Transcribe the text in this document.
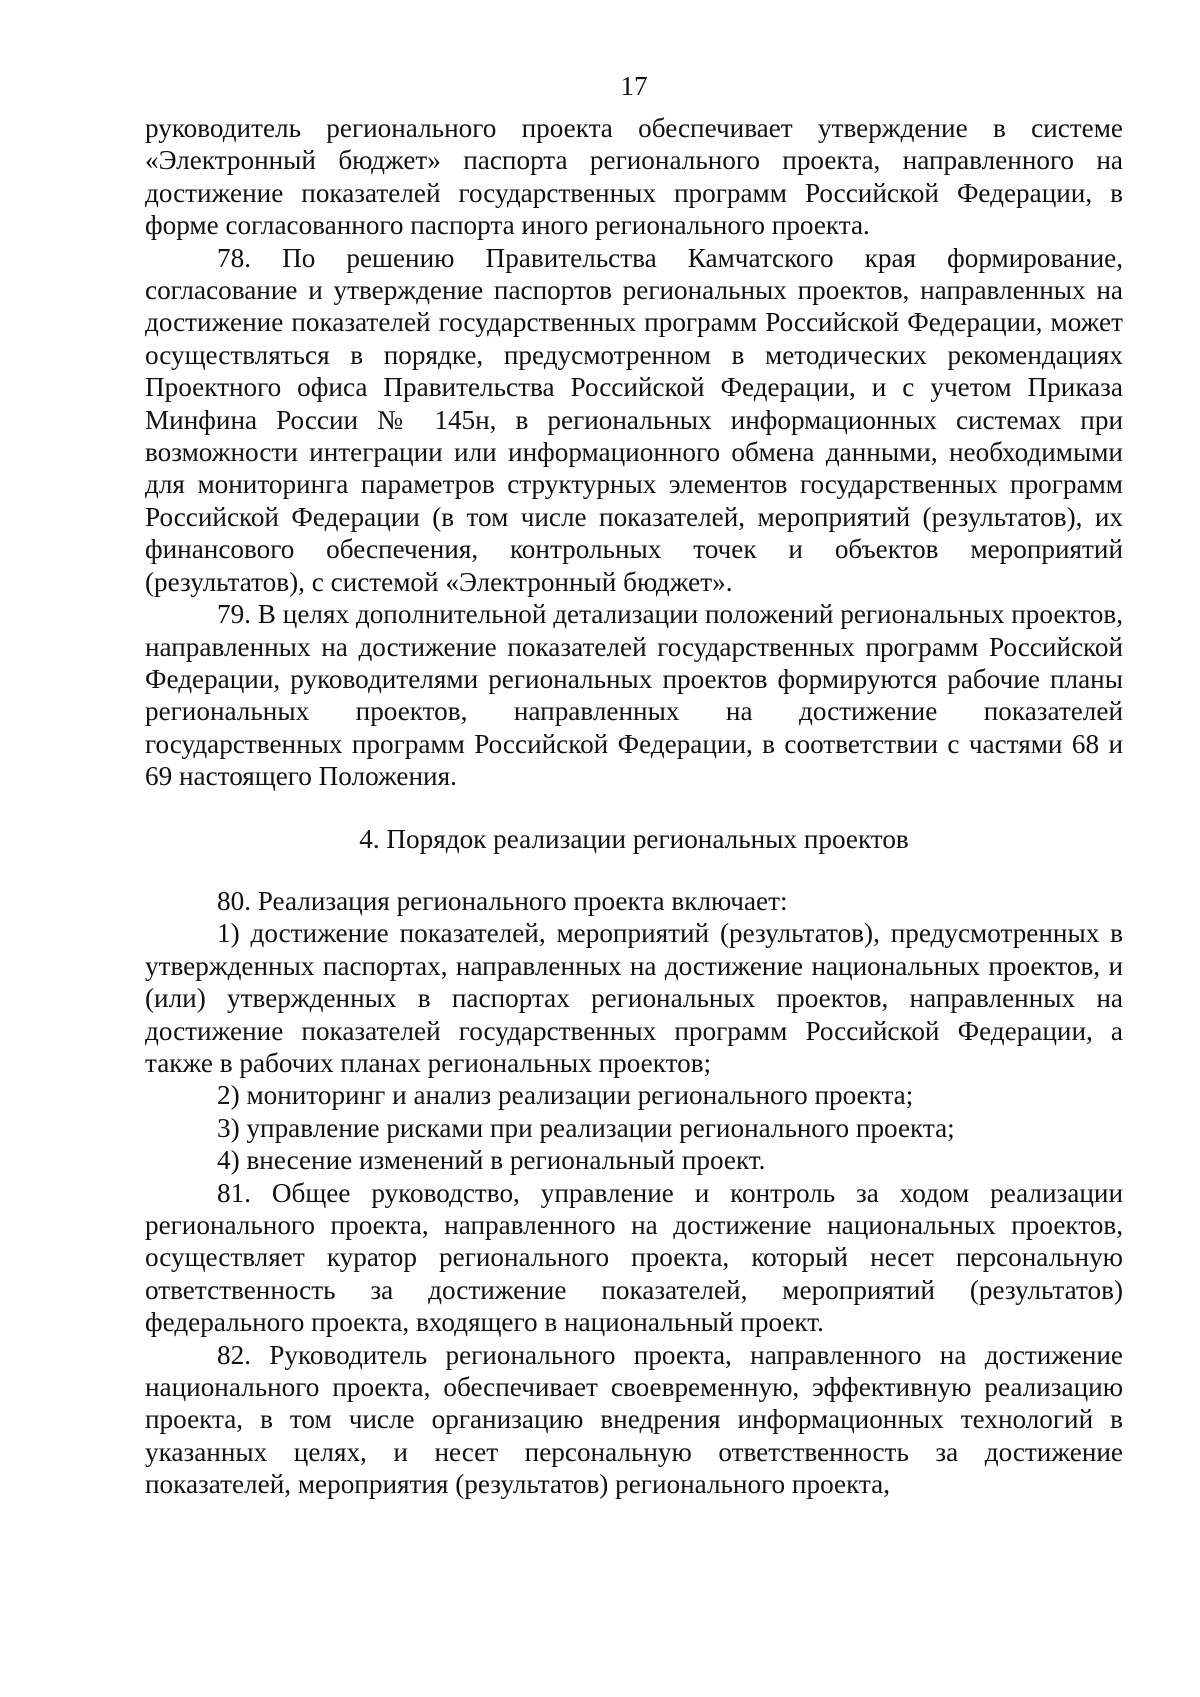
17

руководитель регионального проекта обеспечивает утверждение в системе «Электронный бюджет» паспорта регионального проекта, направленного на достижение показателей государственных программ Российской Федерации, в форме согласованного паспорта иного регионального проекта.

78. По решению Правительства Камчатского края формирование, согласование и утверждение паспортов региональных проектов, направленных на достижение показателей государственных программ Российской Федерации, может осуществляться в порядке, предусмотренном в методических рекомендациях Проектного офиса Правительства Российской Федерации, и с учетом Приказа Минфина России № 145н, в региональных информационных системах при возможности интеграции или информационного обмена данными, необходимыми для мониторинга параметров структурных элементов государственных программ Российской Федерации (в том числе показателей, мероприятий (результатов), их финансового обеспечения, контрольных точек и объектов мероприятий (результатов), с системой «Электронный бюджет».

79. В целях дополнительной детализации положений региональных проектов, направленных на достижение показателей государственных программ Российской Федерации, руководителями региональных проектов формируются рабочие планы региональных проектов, направленных на достижение показателей государственных программ Российской Федерации, в соответствии с частями 68 и 69 настоящего Положения.

4. Порядок реализации региональных проектов

80. Реализация регионального проекта включает:

1) достижение показателей, мероприятий (результатов), предусмотренных в утвержденных паспортах, направленных на достижение национальных проектов, и (или) утвержденных в паспортах региональных проектов, направленных на достижение показателей государственных программ Российской Федерации, а также в рабочих планах региональных проектов;

2) мониторинг и анализ реализации регионального проекта;

3) управление рисками при реализации регионального проекта;

4) внесение изменений в региональный проект.

81. Общее руководство, управление и контроль за ходом реализации регионального проекта, направленного на достижение национальных проектов, осуществляет куратор регионального проекта, который несет персональную ответственность за достижение показателей, мероприятий (результатов) федерального проекта, входящего в национальный проект.

82. Руководитель регионального проекта, направленного на достижение национального проекта, обеспечивает своевременную, эффективную реализацию проекта, в том числе организацию внедрения информационных технологий в указанных целях, и несет персональную ответственность за достижение показателей, мероприятия (результатов) регионального проекта,
